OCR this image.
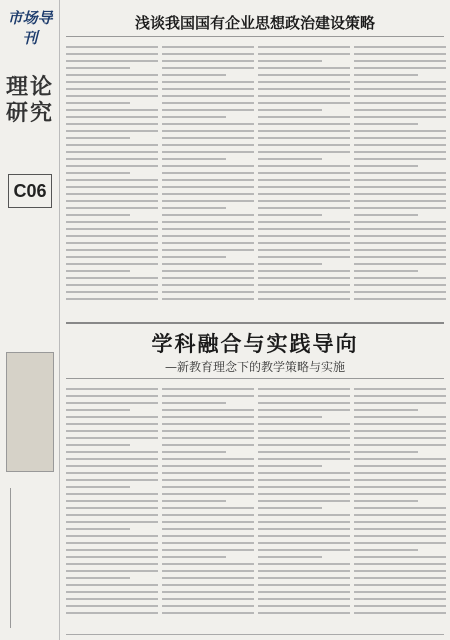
市场导刊
理论研究
C06
浅谈我国国有企业思想政治建设策略
学科融合与实践导向
—新教育理念下的教学策略与实施
